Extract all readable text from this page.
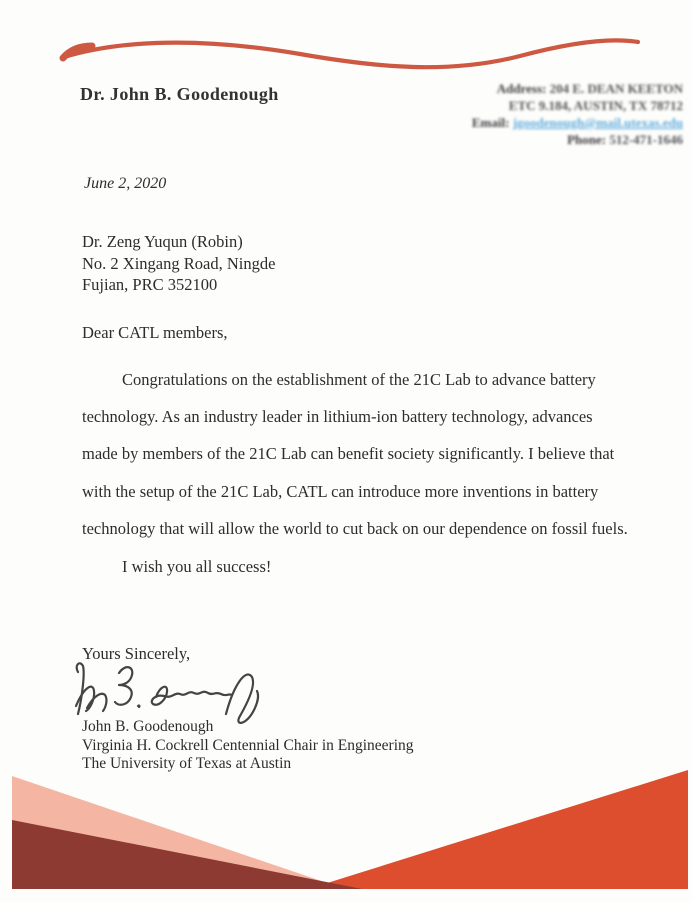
Dr. John B. Goodenough	Address: 204 E. DEAN KEETON
ETC 9.184, AUSTIN, TX 78712
Email: jgoodenough@mail.utexas.edu
Phone: 512-471-1646
June 2, 2020
Dr. Zeng Yuqun (Robin)
No. 2 Xingang Road, Ningde
Fujian, PRC 352100
Dear CATL members,
Congratulations on the establishment of the 21C Lab to advance battery
technology. As an industry leader in lithium-ion battery technology, advances
made by members of the 21C Lab can benefit society significantly. I believe that
with the setup of the 21C Lab, CATL can introduce more inventions in battery
technology that will allow the world to cut back on our dependence on fossil fuels.
I wish you all success!
Yours Sincerely,
John B. Goodenough
Virginia H. Cockrell Centennial Chair in Engineering
The University of Texas at Austin
